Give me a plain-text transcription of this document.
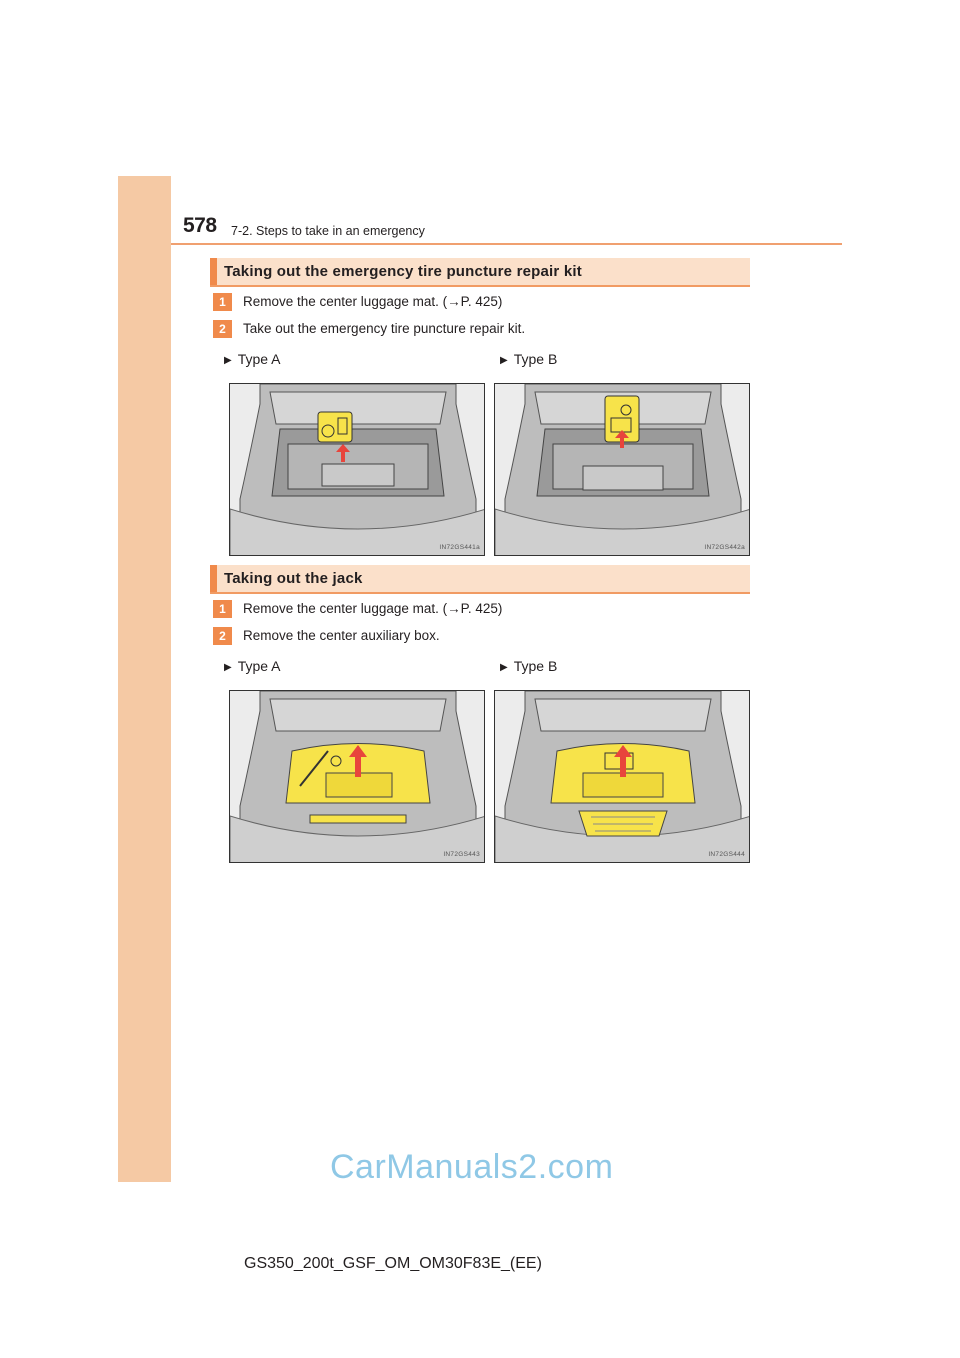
578 7-2. Steps to take in an emergency
Taking out the emergency tire puncture repair kit
1	Remove the center luggage mat. (→P. 425)
2	Take out the emergency tire puncture repair kit.
▶ Type A	▶ Type B
IN72GS441a	IN72GS442a
Taking out the jack
1	Remove the center luggage mat. (→P. 425)
2	Remove the center auxiliary box.
▶ Type A	▶ Type B
IN72GS443	IN72GS444
CarManuals2.com
GS350_200t_GSF_OM_OM30F83E_(EE)
